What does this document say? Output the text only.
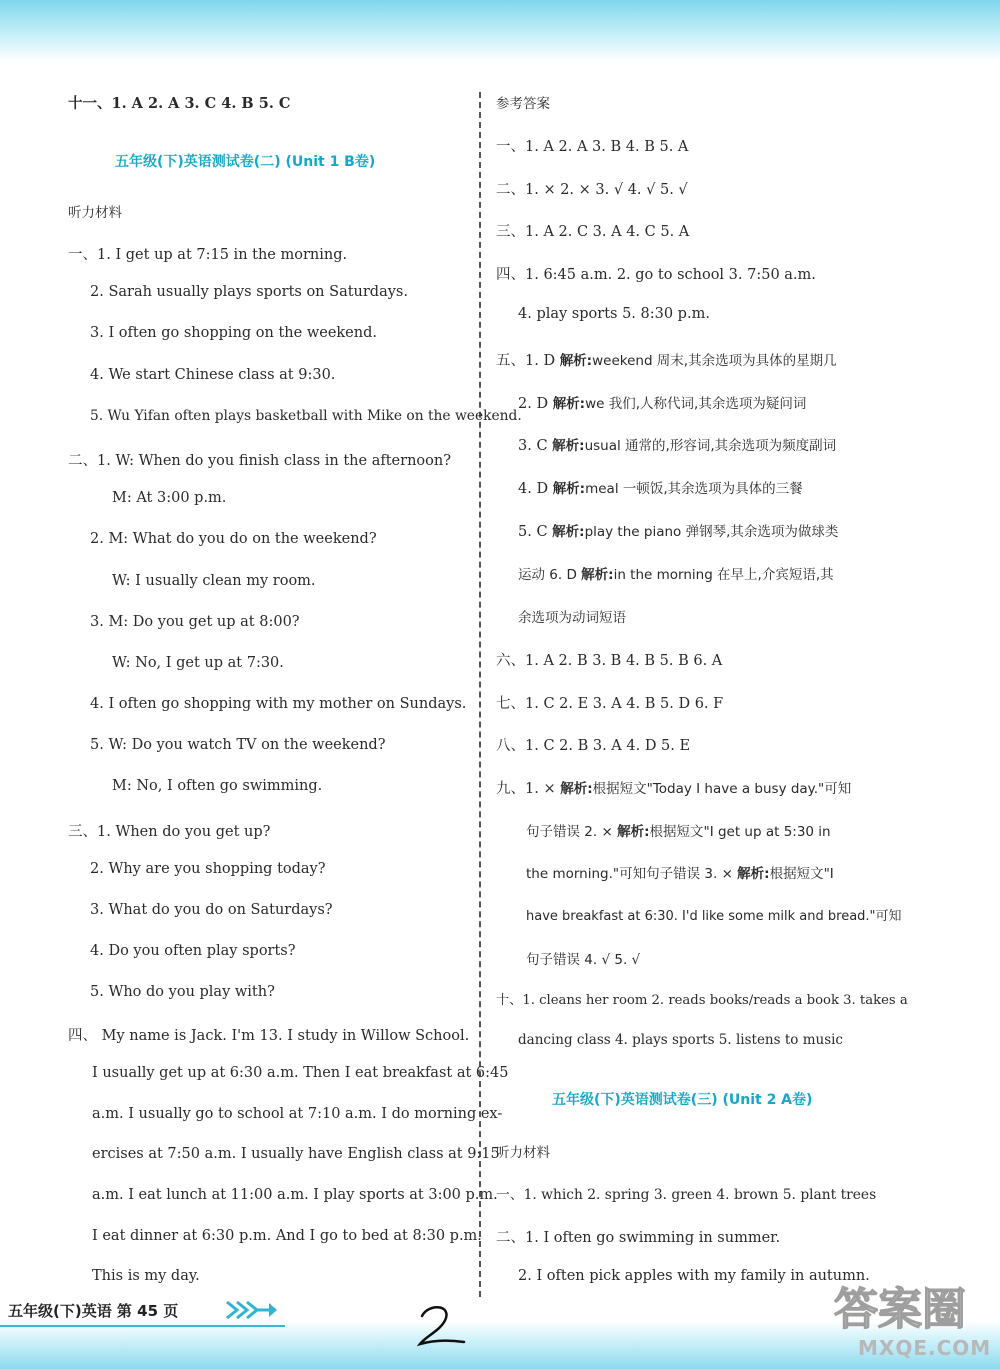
十一、1. A 2. A 3. C 4. B 5. C
五年级(下)英语测试卷(二) (Unit 1 B卷)
听力材料
一、1. I get up at 7:15 in the morning.
2. Sarah usually plays sports on Saturdays.
3. I often go shopping on the weekend.
4. We start Chinese class at 9:30.
5. Wu Yifan often plays basketball with Mike on the weekend.
二、1. W: When do you finish class in the afternoon?
M: At 3:00 p.m.
2. M: What do you do on the weekend?
W: I usually clean my room.
3. M: Do you get up at 8:00?
W: No, I get up at 7:30.
4. I often go shopping with my mother on Sundays.
5. W: Do you watch TV on the weekend?
M: No, I often go swimming.
三、1. When do you get up?
2. Why are you shopping today?
3. What do you do on Saturdays?
4. Do you often play sports?
5. Who do you play with?
四、 My name is Jack. I'm 13. I study in Willow School.
I usually get up at 6:30 a.m. Then I eat breakfast at 6:45
a.m. I usually go to school at 7:10 a.m. I do morning ex-
ercises at 7:50 a.m. I usually have English class at 9:15
a.m. I eat lunch at 11:00 a.m. I play sports at 3:00 p.m.
I eat dinner at 6:30 p.m. And I go to bed at 8:30 p.m.
This is my day.
参考答案
一、1. A 2. A 3. B 4. B 5. A
二、1. × 2. × 3. √ 4. √ 5. √
三、1. A 2. C 3. A 4. C 5. A
四、1. 6:45 a.m. 2. go to school 3. 7:50 a.m.
4. play sports 5. 8:30 p.m.
五、1. D 解析:weekend 周末,其余选项为具体的星期几
2. D 解析:we 我们,人称代词,其余选项为疑问词
3. C 解析:usual 通常的,形容词,其余选项为频度副词
4. D 解析:meal 一顿饭,其余选项为具体的三餐
5. C 解析:play the piano 弹钢琴,其余选项为做球类
运动 6. D 解析:in the morning 在早上,介宾短语,其
余选项为动词短语
六、1. A 2. B 3. B 4. B 5. B 6. A
七、1. C 2. E 3. A 4. B 5. D 6. F
八、1. C 2. B 3. A 4. D 5. E
九、1. × 解析:根据短文"Today I have a busy day."可知
句子错误 2. × 解析:根据短文"I get up at 5:30 in
the morning."可知句子错误 3. × 解析:根据短文"I
have breakfast at 6:30. I'd like some milk and bread."可知
句子错误 4. √ 5. √
十、1. cleans her room 2. reads books/reads a book 3. takes a
dancing class 4. plays sports 5. listens to music
五年级(下)英语测试卷(三) (Unit 2 A卷)
听力材料
一、1. which 2. spring 3. green 4. brown 5. plant trees
二、1. I often go swimming in summer.
2. I often pick apples with my family in autumn.
五年级(下)英语 第 45 页	答案圈
MXQE.COM
